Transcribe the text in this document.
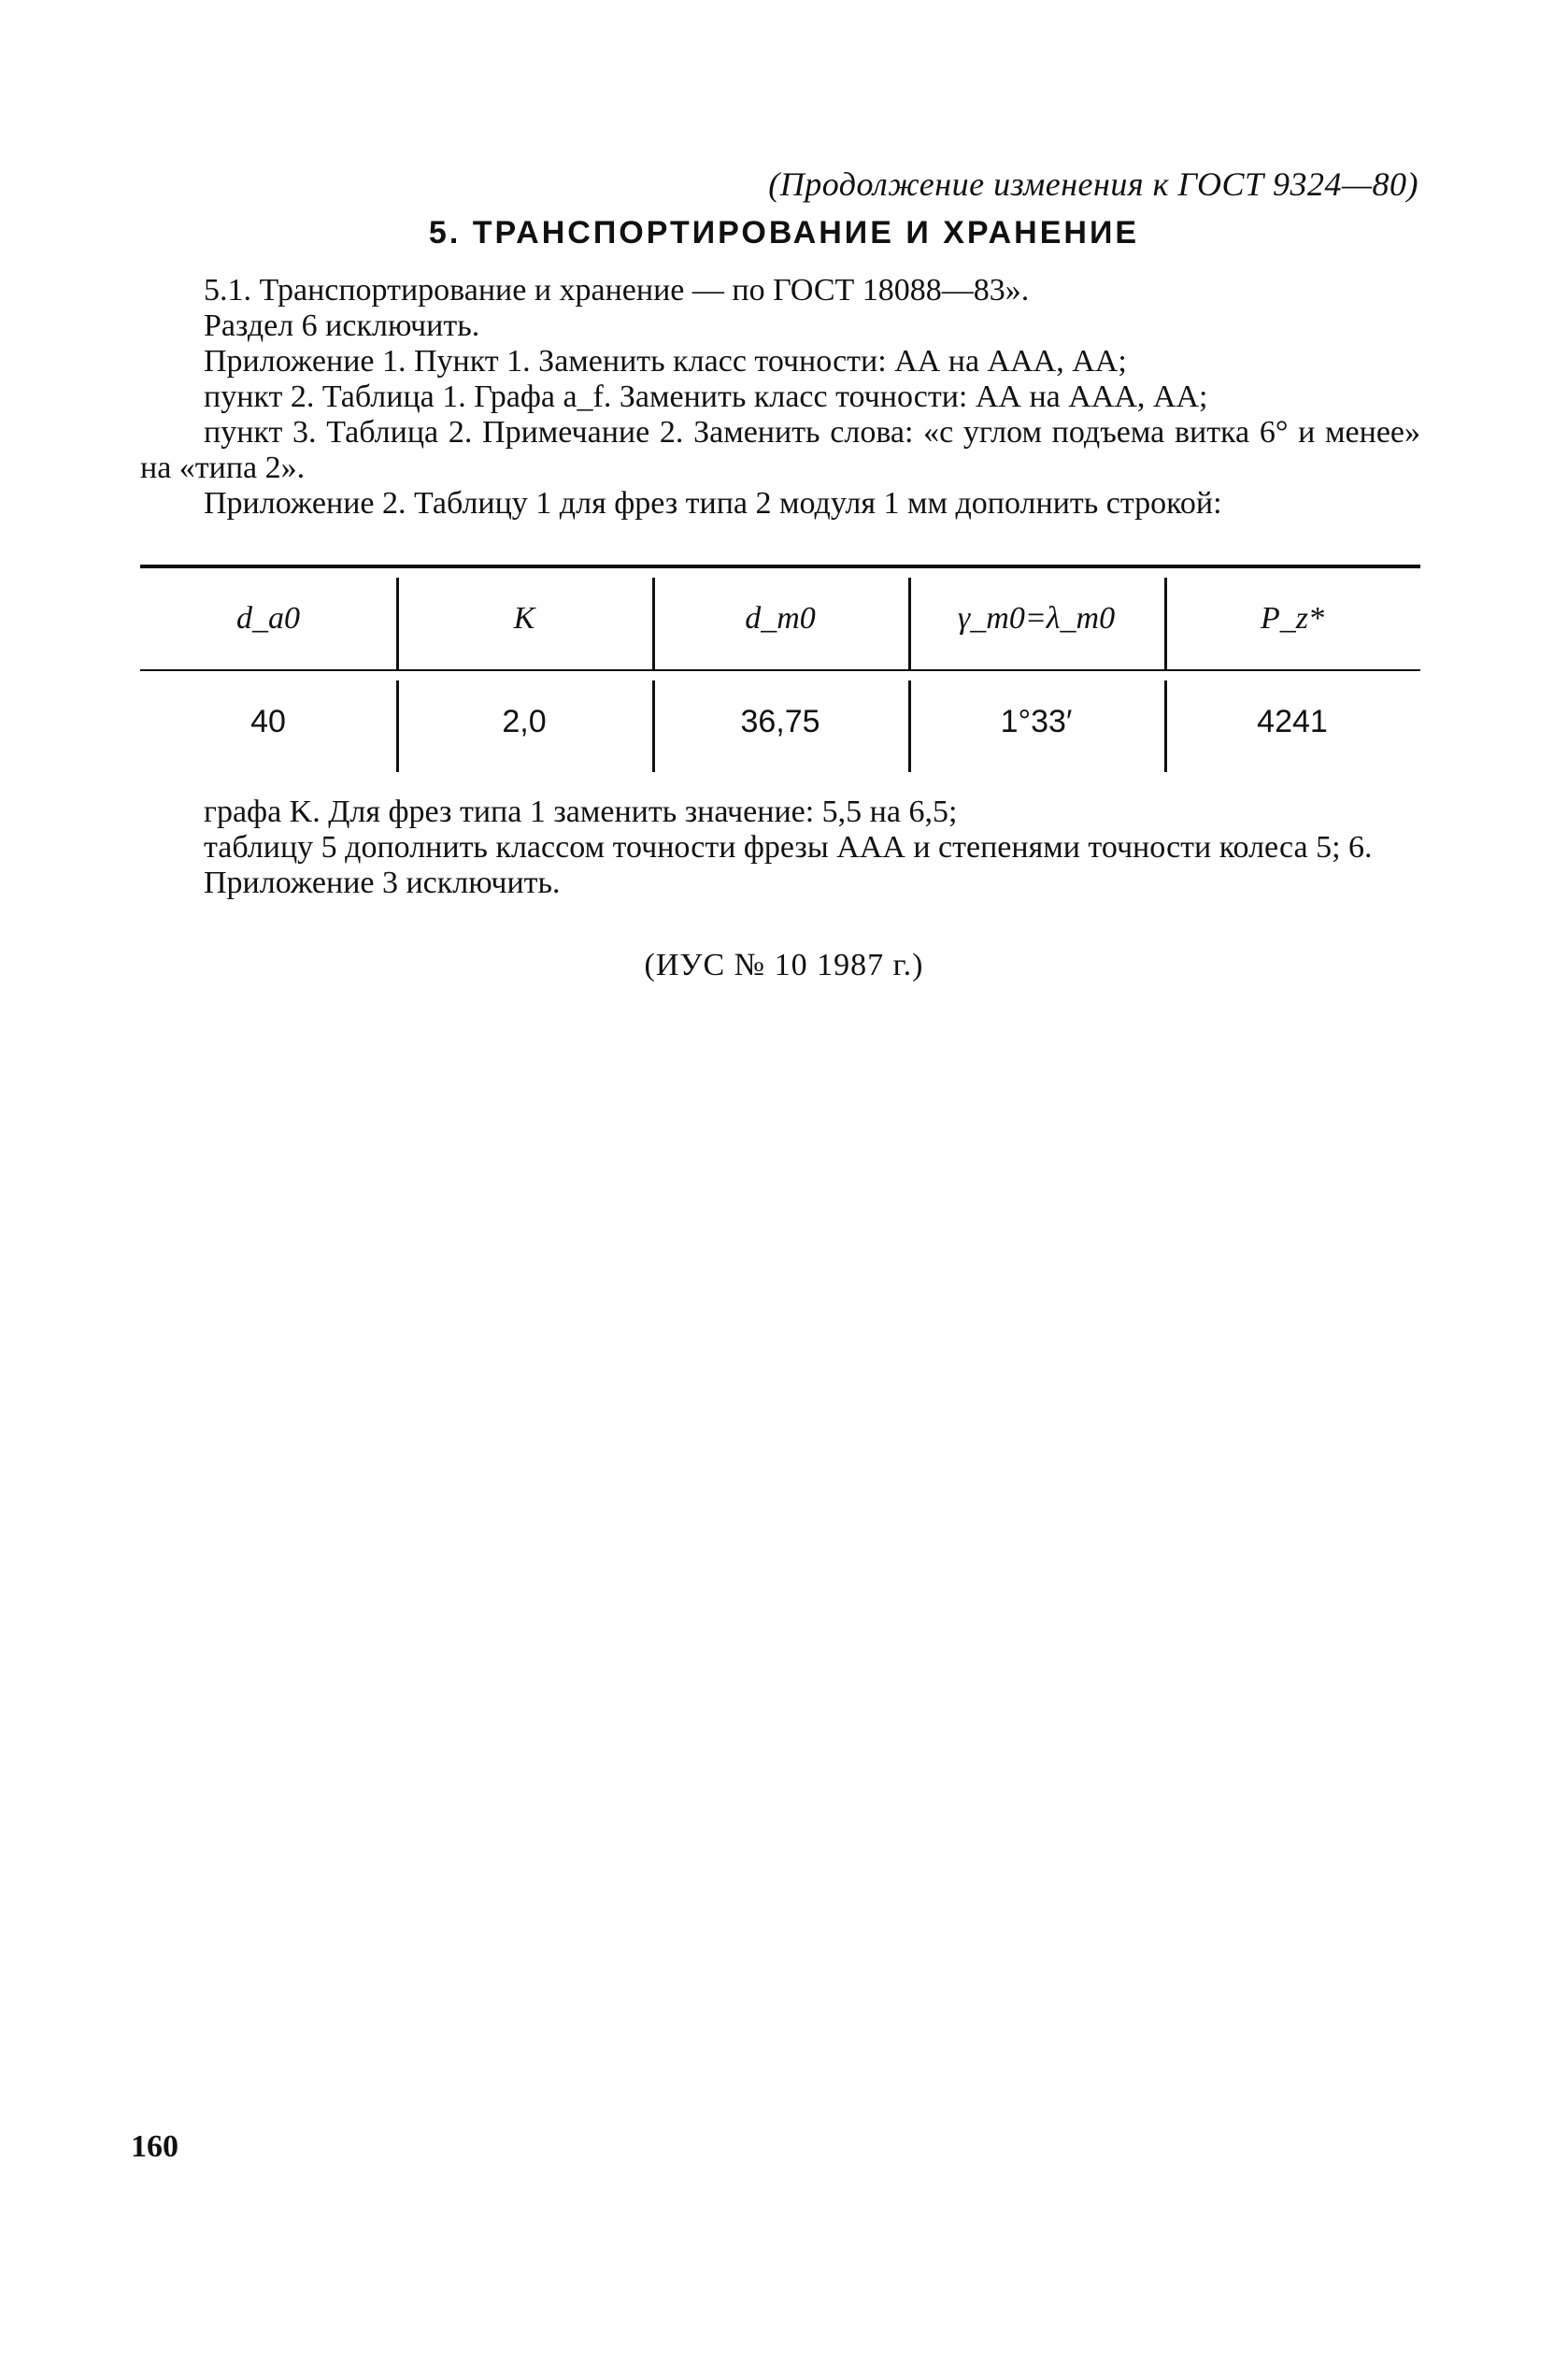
(Продолжение изменения к ГОСТ 9324—80)
5. ТРАНСПОРТИРОВАНИЕ И ХРАНЕНИЕ

5.1. Транспортирование и хранение — по ГОСТ 18088—83».

Раздел 6 исключить.

Приложение 1. Пункт 1. Заменить класс точности: АА на ААА, АА;

пункт 2. Таблица 1. Графа a_f. Заменить класс точности: АА на ААА, АА;

пункт 3. Таблица 2. Примечание 2. Заменить слова: «с углом подъема витка 6° и менее» на «типа 2».

Приложение 2. Таблицу 1 для фрез типа 2 модуля 1 мм дополнить строкой:

d_a0	K	d_m0	γ_m0=λ_m0	P_z*
40	2,0	36,75	1°33′	4241

графа K. Для фрез типа 1 заменить значение: 5,5 на 6,5;

таблицу 5 дополнить классом точности фрезы ААА и степенями точности колеса 5; 6.

Приложение 3 исключить.

(ИУС № 10 1987 г.)
160
